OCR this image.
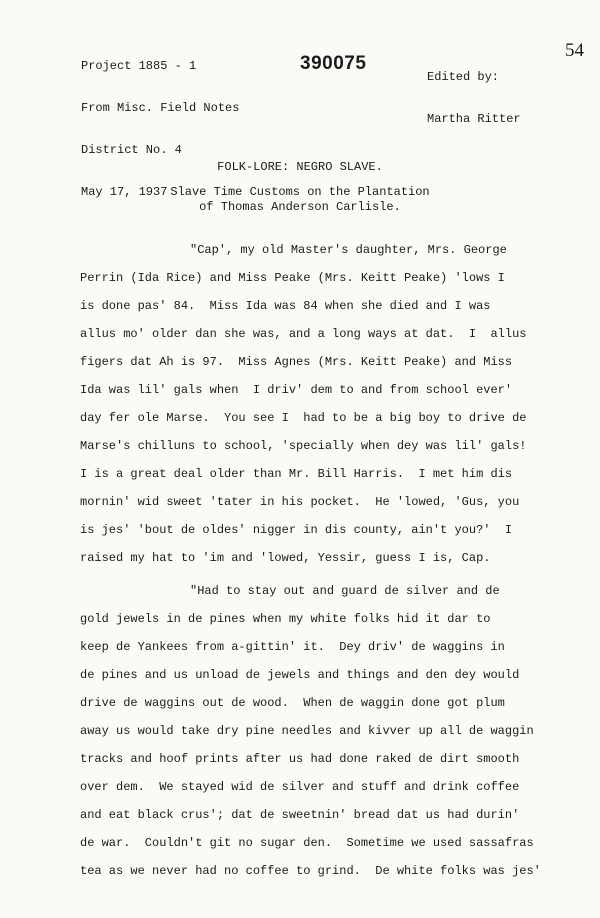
Project 1885 - 1

From Misc. Field Notes

District No. 4

May 17, 1937

390075

Edited by:

Martha Ritter

54
FOLK-LORE: NEGRO SLAVE.
Slave Time Customs on the Plantation
of Thomas Anderson Carlisle.
"Cap', my old Master's daughter, Mrs. George
Perrin (Ida Rice) and Miss Peake (Mrs. Keitt Peake) 'lows I
is done pas' 84.  Miss Ida was 84 when she died and I was
allus mo' older dan she was, and a long ways at dat.  I  allus
figers dat Ah is 97.  Miss Agnes (Mrs. Keitt Peake) and Miss
Ida was lil' gals when  I driv' dem to and from school ever'
day fer ole Marse.  You see I  had to be a big boy to drive de
Marse's chilluns to school, 'specially when dey was lil' gals!
I is a great deal older than Mr. Bill Harris.  I met him dis
mornin' wid sweet 'tater in his pocket.  He 'lowed, 'Gus, you
is jes' 'bout de oldes' nigger in dis county, ain't you?'  I
raised my hat to 'im and 'lowed, Yessir, guess I is, Cap.
"Had to stay out and guard de silver and de
gold jewels in de pines when my white folks hid it dar to
keep de Yankees from a-gittin' it.  Dey driv' de waggins in
de pines and us unload de jewels and things and den dey would
drive de waggins out de wood.  When de waggin done got plum
away us would take dry pine needles and kivver up all de waggin
tracks and hoof prints after us had done raked de dirt smooth
over dem.  We stayed wid de silver and stuff and drink coffee
and eat black crus'; dat de sweetnin' bread dat us had durin'
de war.  Couldn't git no sugar den.  Sometime we used sassafras
tea as we never had no coffee to grind.  De white folks was jes'
